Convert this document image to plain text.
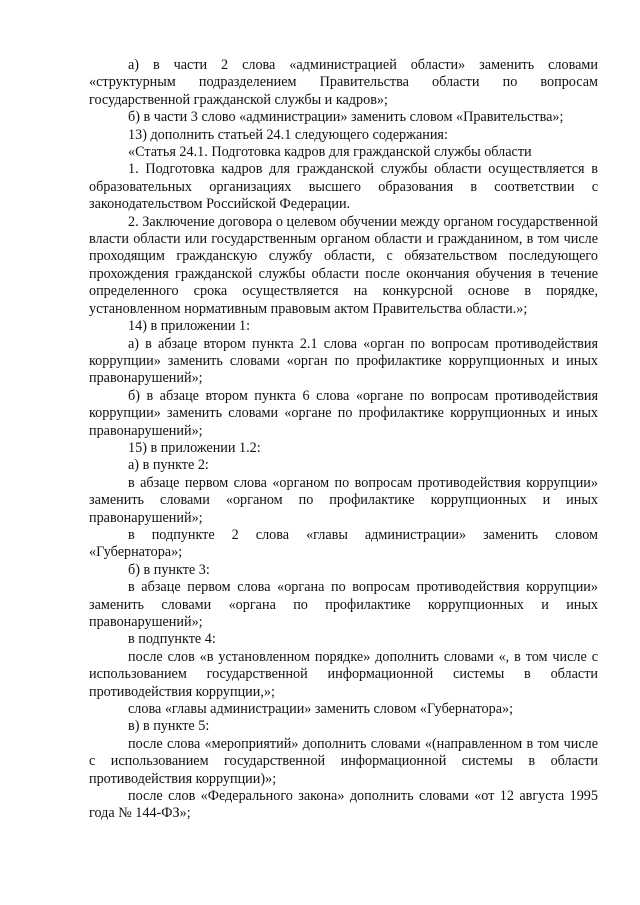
а) в части 2 слова «администрацией области» заменить словами «структурным подразделением Правительства области по вопросам государственной гражданской службы и кадров»;

б) в части 3 слово «администрации» заменить словом «Правительства»;

13) дополнить статьей 24.1 следующего содержания:

«Статья 24.1. Подготовка кадров для гражданской службы области

1. Подготовка кадров для гражданской службы области осуществляется в образовательных организациях высшего образования в соответствии с законодательством Российской Федерации.

2. Заключение договора о целевом обучении между органом государственной власти области или государственным органом области и гражданином, в том числе проходящим гражданскую службу области, с обязательством последующего прохождения гражданской службы области после окончания обучения в течение определенного срока осуществляется на конкурсной основе в порядке, установленном нормативным правовым актом Правительства области.»;

14) в приложении 1:

а) в абзаце втором пункта 2.1 слова «орган по вопросам противодействия коррупции» заменить словами «орган по профилактике коррупционных и иных правонарушений»;

б) в абзаце втором пункта 6 слова «органе по вопросам противодействия коррупции» заменить словами «органе по профилактике коррупционных и иных правонарушений»;

15) в приложении 1.2:

а) в пункте 2:

в абзаце первом слова «органом по вопросам противодействия коррупции» заменить словами «органом по профилактике коррупционных и иных правонарушений»;

в подпункте 2 слова «главы администрации» заменить словом «Губернатора»;

б) в пункте 3:

в абзаце первом слова «органа по вопросам противодействия коррупции» заменить словами «органа по профилактике коррупционных и иных правонарушений»;

в подпункте 4:

после слов «в установленном порядке» дополнить словами «, в том числе с использованием государственной информационной системы в области противодействия коррупции,»;

слова «главы администрации» заменить словом «Губернатора»;

в) в пункте 5:

после слова «мероприятий» дополнить словами «(направленном в том числе с использованием государственной информационной системы в области противодействия коррупции)»;

после слов «Федерального закона» дополнить словами «от 12 августа 1995 года № 144-ФЗ»;
